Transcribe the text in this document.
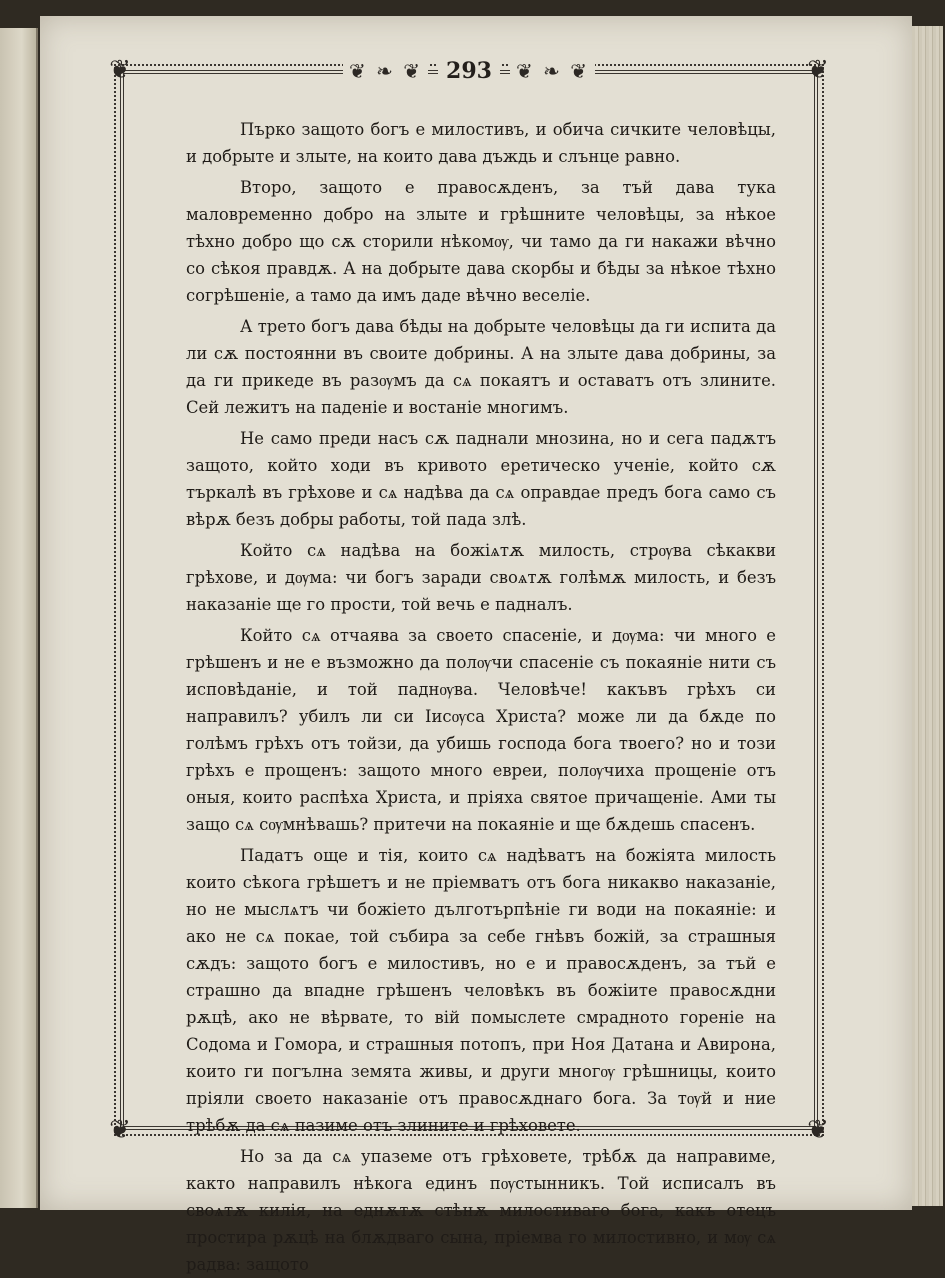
❦ ❧ ❦	293	❦ ❧ ❦
❦	❦
❦	❦

Пърко защото богъ е милостивъ, и обича сичките человѣцы, и добрыте и злыте, на които дава дъждь и слънце равно.

Второ, защото е правосѫденъ, за тъй дава тука маловременно добро на злыте и грѣшните человѣцы, за нѣкое тѣхно добро що сѫ сторили нѣкомѹ, чи тамо да ги накажи вѣчно со сѣкоя правдѫ. А на добрыте дава скорбы и бѣды за нѣкое тѣхно согрѣшеніе, а тамо да имъ даде вѣчно веселіе.

А трето богъ дава бѣды на добрыте человѣцы да ги испита да ли сѫ постоянни въ своите добрины. А на злыте дава добрины, за да ги прикеде въ разѹмъ да сѧ покаятъ и оставатъ отъ злините. Сей лежитъ на паденіе и востаніе многимъ.

Не само преди насъ сѫ паднали мнозина, но и сега падѫтъ защото, който ходи въ кривото еретическо ученіе, който сѫ търкалѣ въ грѣхове и сѧ надѣва да сѧ оправдае предъ бога само съ вѣрѫ безъ добры работы, той пада злѣ.

Който сѧ надѣва на божіѧтѫ милость, стрѹва сѣкакви грѣхове, и дѹма: чи богъ заради своѧтѫ голѣмѫ милость, и безъ наказаніе ще го прости, той вечь е падналъ.

Който сѧ отчаява за своето спасеніе, и дѹма: чи много е грѣшенъ и не е възможно да полѹчи спасеніе съ покаяніе нити съ исповѣданіе, и той паднѹва. Человѣче! какъвъ грѣхъ си направилъ? убилъ ли си Іисѹса Христа? може ли да бѫде по голѣмъ грѣхъ отъ тойзи, да убишь господа бога твоего? но и този грѣхъ е прощенъ: защото много евреи, полѹчиха прощеніе отъ оныя, които распѣха Христа, и пріяха святое причащеніе. Ами ты защо сѧ сѹмнѣвашь? притечи на покаяніе и ще бѫдешь спасенъ.

Падатъ още и тія, които сѧ надѣватъ на божіята милость които сѣкога грѣшетъ и не пріемватъ отъ бога никакво наказаніе, но не мыслѧтъ чи божіето дълготърпѣніе ги води на покаяніе: и ако не сѧ покае, той събира за себе гнѣвъ божій, за страшныя сѫдъ: защото богъ е милостивъ, но е и правосѫденъ, за тъй е страшно да впадне грѣшенъ человѣкъ въ божіите правосѫдни рѫцѣ, ако не вѣрвате, то вій помыслете смрадното гореніе на Содома и Гомора, и страшныя потопъ, при Ноя Датана и Авирона, които ги погълна земята живы, и други многѹ грѣшницы, които пріяли своето наказаніе отъ правосѫднаго бога. За тѹй и ние трѣбѫ да сѧ пазиме отъ злините и грѣховете.

Но за да сѧ упаземе отъ грѣховете, трѣбѫ да направиме, както направилъ нѣкога единъ пѹстынникъ. Той исписалъ въ своѧтѫ килія, на еднѫтѫ стѣнѫ милостиваго бога, какъ отецъ простира рѫцѣ на блѫдваго сына, пріемва го милостивно, и мѹ сѧ радва: защото
